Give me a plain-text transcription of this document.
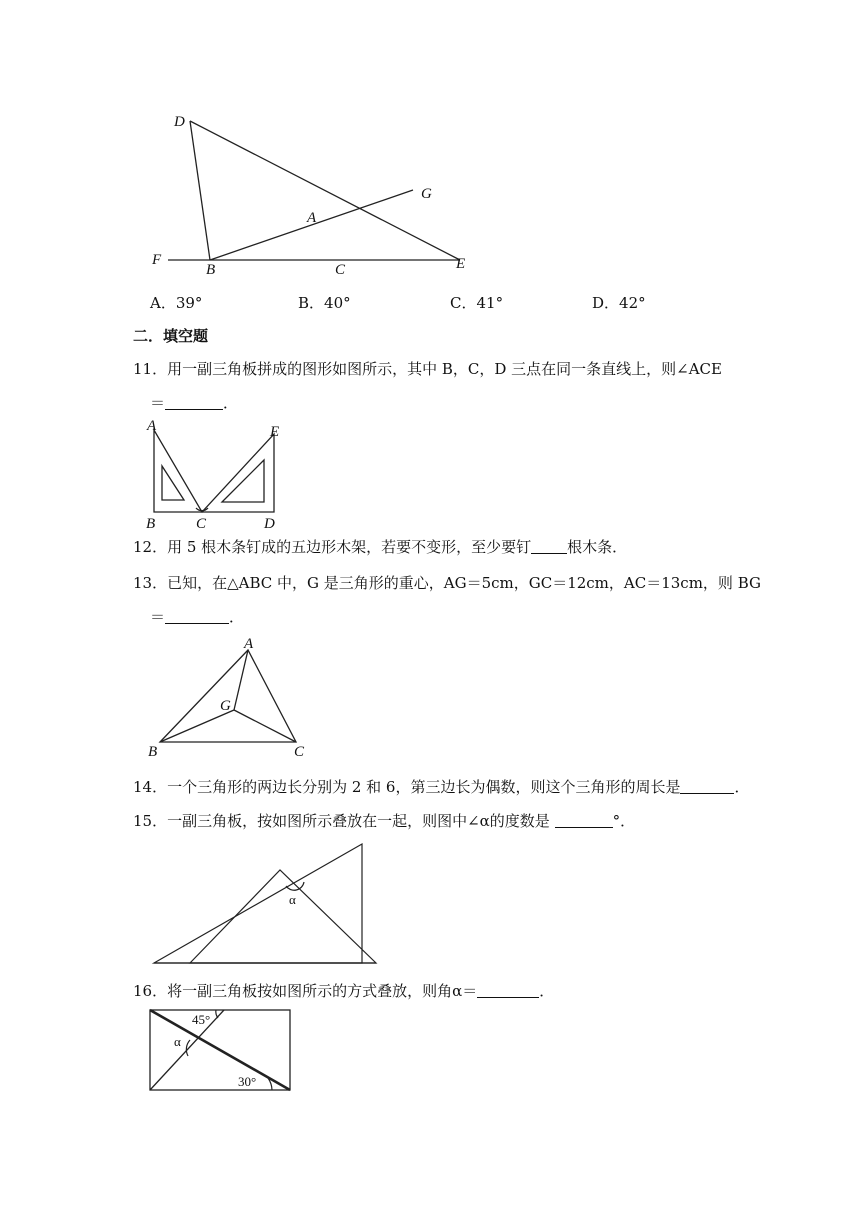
D
G
A
F
B	C	E
A．39°	B．40°	C．41°	D．42°
二．填空题
11．用一副三角板拼成的图形如图所示，其中 B，C，D 三点在同一条直线上，则∠ACE
＝	．
A	E
B	C	D
12．用 5 根木条钉成的五边形木架，若要不变形，至少要钉 根木条．
13．已知，在△ABC 中，G 是三角形的重心，AG＝5cm，GC＝12cm，AC＝13cm，则 BG
＝	．
A
G
B	C
14．一个三角形的两边长分别为 2 和 6，第三边长为偶数，则这个三角形的周长是	．
15．一副三角板，按如图所示叠放在一起，则图中∠α的度数是	°．
α
16．将一副三角板按如图所示的方式叠放，则角α＝	．
45°
α
30°
